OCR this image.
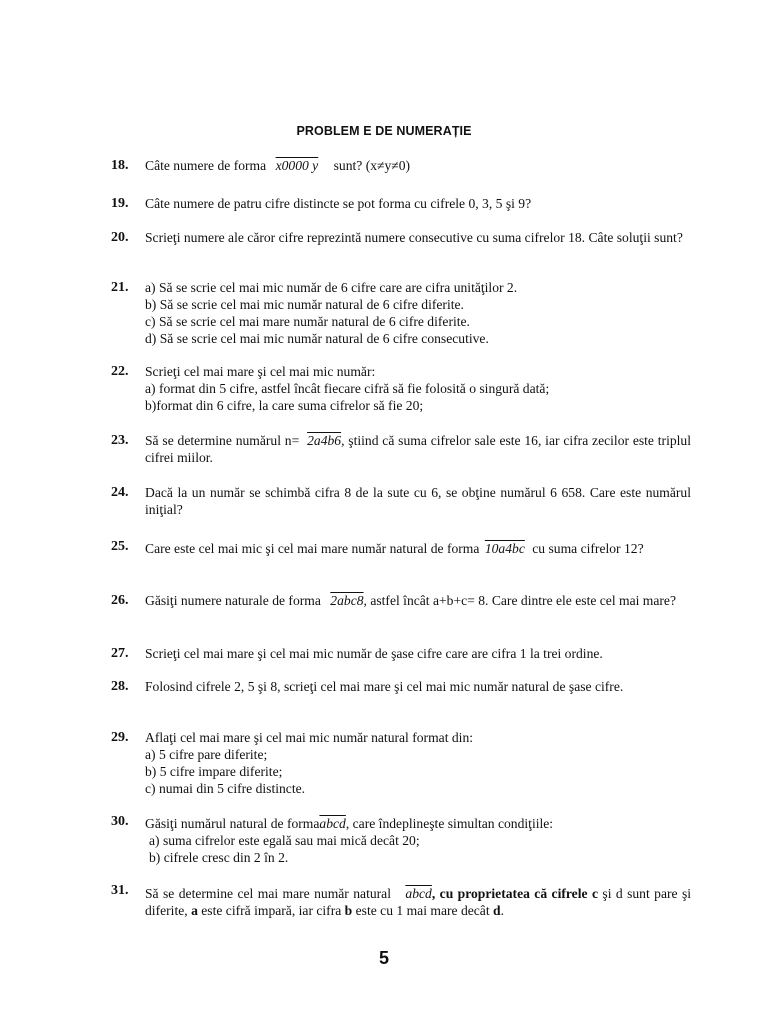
PROBLEM E DE NUMERAȚIE
18.	Câte numere de forma x0000 y sunt? (x≠y≠0)
19.	Câte numere de patru cifre distincte se pot forma cu cifrele 0, 3, 5 şi 9?

20.	Scrieţi numere ale căror cifre reprezintă numere consecutive cu suma cifrelor 18. Câte soluţii sunt?

21.	a) Să se scrie cel mai mic număr de 6 cifre care are cifra unităţilor 2.

b) Să se scrie cel mai mic număr natural de 6 cifre diferite.

c) Să se scrie cel mai mare număr natural de 6 cifre diferite.

d) Să se scrie cel mai mic număr natural de 6 cifre consecutive.

22.	Scrieţi cel mai mare şi cel mai mic număr:

a) format din 5 cifre, astfel încât fiecare cifră să fie folosită o singură dată;

b)format din 6 cifre, la care suma cifrelor să fie 20;

23.	Să se determine numărul n= 2a4b6, ştiind că suma cifrelor sale este 16, iar cifra zecilor este triplul cifrei miilor.
24.	Dacă la un număr se schimbă cifra 8 de la sute cu 6, se obţine numărul 6 658. Care este numărul iniţial?

25.	Care este cel mai mic şi cel mai mare număr natural de forma 10a4bc cu suma cifrelor 12?
26.	Găsiţi numere naturale de forma 2abc8, astfel încât a+b+c= 8. Care dintre ele este cel mai mare?
27.	Scrieţi cel mai mare şi cel mai mic număr de şase cifre care are cifra 1 la trei ordine.

28.	Folosind cifrele 2, 5 şi 8, scrieţi cel mai mare şi cel mai mic număr natural de şase cifre.

29.	Aflaţi cel mai mare şi cel mai mic număr natural format din:

a) 5 cifre pare diferite;

b) 5 cifre impare diferite;

c) numai din 5 cifre distincte.

30.	Găsiţi numărul natural de formaabcd, care îndeplineşte simultan condiţiile:

a) suma cifrelor este egală sau mai mică decât 20;

b) cifrele cresc din 2 în 2.

31.	Să se determine cel mai mare număr natural abcd, cu proprietatea că cifrele c şi d sunt pare şi diferite, a este cifră impară, iar cifra b este cu 1 mai mare decât d.
5
